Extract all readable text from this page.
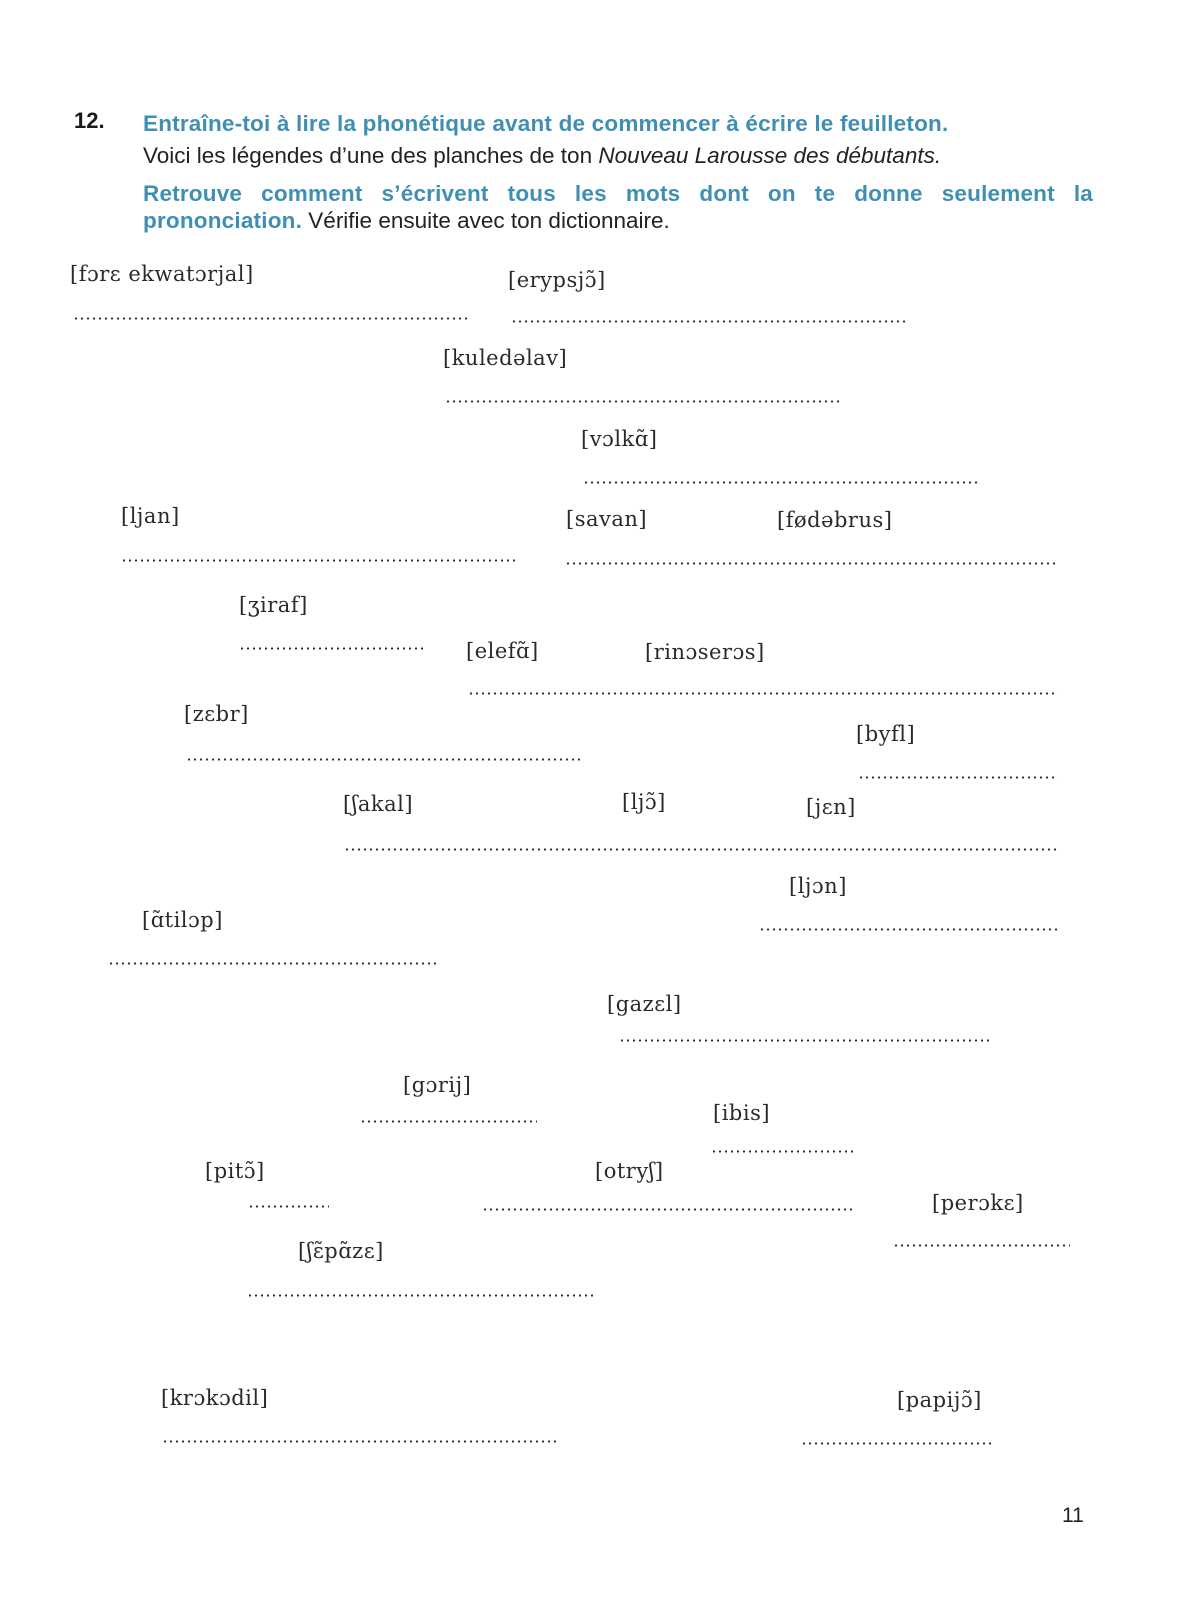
12. Entraîne-toi à lire la phonétique avant de commencer à écrire le feuilleton.
Voici les légendes d’une des planches de ton Nouveau Larousse des débutants.
Retrouve comment s’écrivent tous les mots dont on te donne seulement la prononciation. Vérifie ensuite avec ton dictionnaire.
[fɔrɛ ekwatɔrjal]	[erypsjɔ̃]
[kuledəlav]
[vɔlkɑ̃]
[ljan]	[savan]	[fødəbrus]
[ʒiraf]
[elefɑ̃]	[rinɔserɔs]
[zɛbr]
[byfl]
[ʃakal]	[ljɔ̃]	[jɛn]
[ljɔn]
[ɑ̃tilɔp]
[gazɛl]
[gɔrij]
[ibis]
[pitɔ̃]	[otryʃ]
[perɔkɛ]
[ʃɛ̃pɑ̃zɛ]
[krɔkɔdil]	[papijɔ̃]
11
